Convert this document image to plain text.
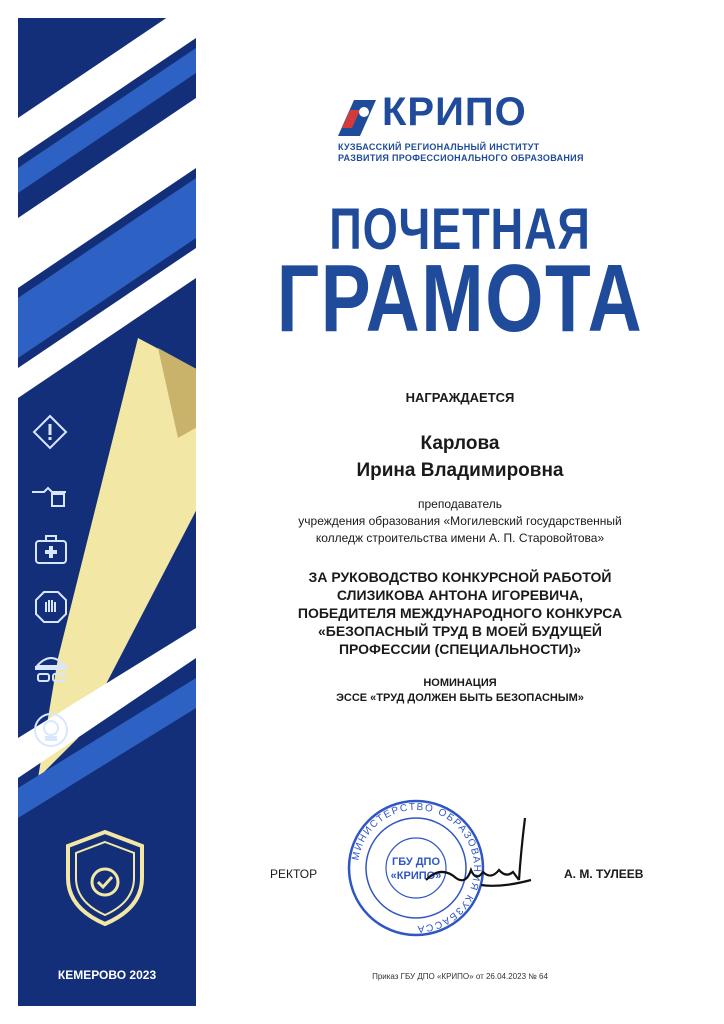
КЕМЕРОВО 2023
КРИПО
КУЗБАССКИЙ РЕГИОНАЛЬНЫЙ ИНСТИТУТ
РАЗВИТИЯ ПРОФЕССИОНАЛЬНОГО ОБРАЗОВАНИЯ
ПОЧЕТНАЯ
ГРАМОТА
НАГРАЖДАЕТСЯ
Карлова
Ирина Владимировна
преподаватель
учреждения образования «Могилевский государственный
колледж строительства имени А. П. Старовойтова»
ЗА РУКОВОДСТВО КОНКУРСНОЙ РАБОТОЙ
СЛИЗИКОВА АНТОНА ИГОРЕВИЧА,
ПОБЕДИТЕЛЯ МЕЖДУНАРОДНОГО КОНКУРСА
«БЕЗОПАСНЫЙ ТРУД В МОЕЙ БУДУЩЕЙ
ПРОФЕССИИ (СПЕЦИАЛЬНОСТИ)»
НОМИНАЦИЯ
ЭССЕ «ТРУД ДОЛЖЕН БЫТЬ БЕЗОПАСНЫМ»
РЕКТОР
МИНИСТЕРСТВО ОБРАЗОВАНИЯ КУЗБАССА
ГБУ ДПО
«КРИПО»	А. М. ТУЛЕЕВ
Приказ ГБУ ДПО «КРИПО» от 26.04.2023 № 64
